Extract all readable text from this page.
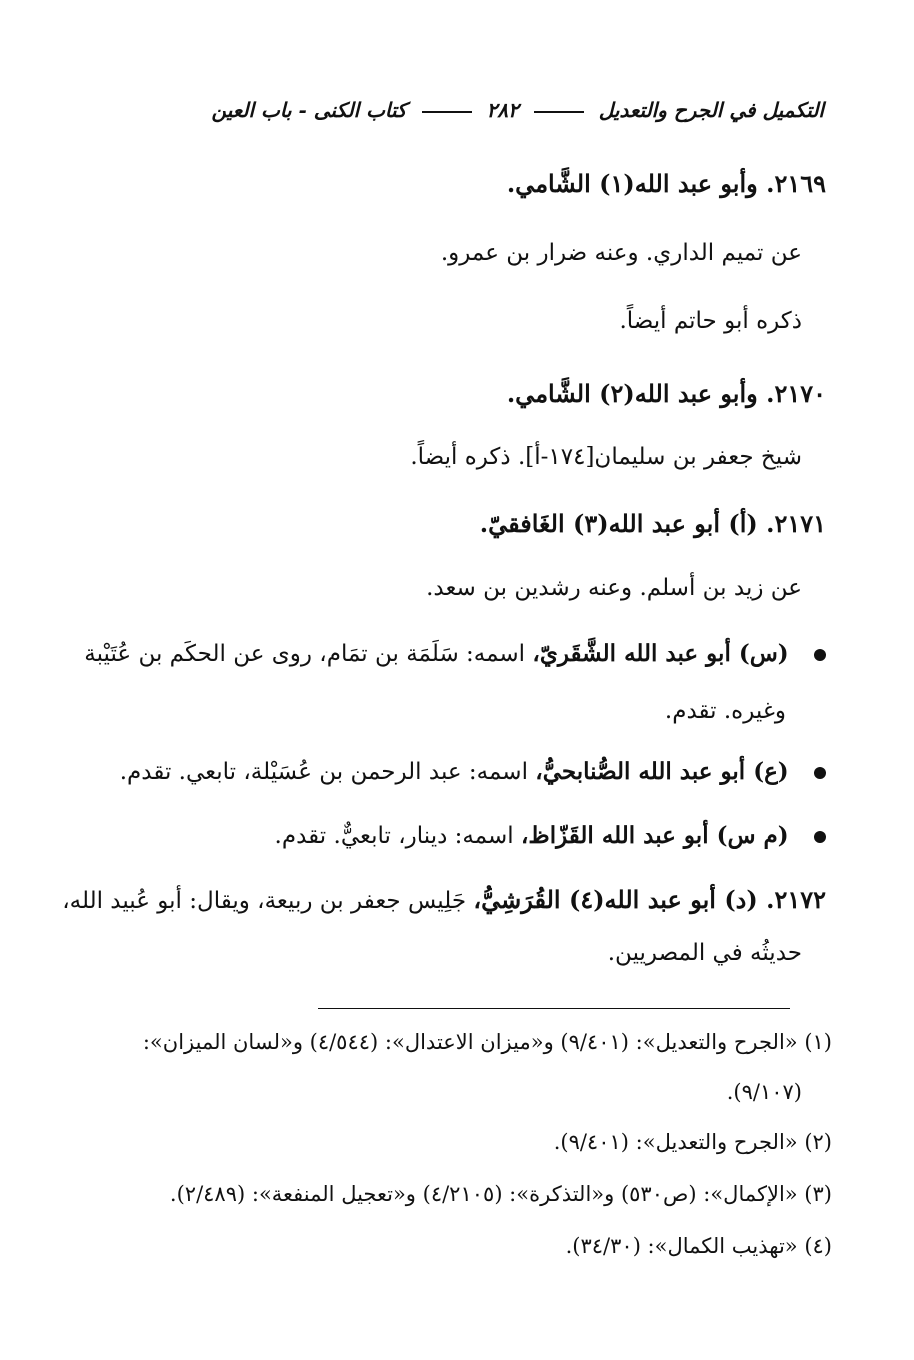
التكميل في الجرح والتعديل  ٢٨٢  كتاب الكنى - باب العين
٢١٦٩. وأبو عبد الله(١) الشَّامي.
عن تميم الداري. وعنه ضرار بن عمرو.
ذكره أبو حاتم أيضاً.
٢١٧٠. وأبو عبد الله(٢) الشَّامي.
شيخ جعفر بن سليمان[١٧٤-أ]. ذكره أيضاً.
٢١٧١. (أ) أبو عبد الله(٣) الغَافقيّ.
عن زيد بن أسلم. وعنه رشدين بن سعد.
(س) أبو عبد الله الشَّقَريّ، اسمه: سَلَمَة بن تمَام، روى عن الحكَم بن عُتَيْبة
وغيره. تقدم.
(ع) أبو عبد الله الصُّنابحيُّ، اسمه: عبد الرحمن بن عُسَيْلة، تابعي. تقدم.
(م س) أبو عبد الله القَزّاظ، اسمه: دينار، تابعيٌّ. تقدم.
٢١٧٢. (د) أبو عبد الله(٤) القُرَشِيُّ، جَلِيس جعفر بن ربيعة، ويقال: أبو عُبيد الله،
حديثُه في المصريين.
(١) «الجرح والتعديل»: (٩/٤٠١) و«ميزان الاعتدال»: (٤/٥٤٤) و«لسان الميزان»:
(٩/١٠٧).
(٢) «الجرح والتعديل»: (٩/٤٠١).
(٣) «الإكمال»: (ص٥٣٠) و«التذكرة»: (٤/٢١٠٥) و«تعجيل المنفعة»: (٢/٤٨٩).
(٤) «تهذيب الكمال»: (٣٤/٣٠).
